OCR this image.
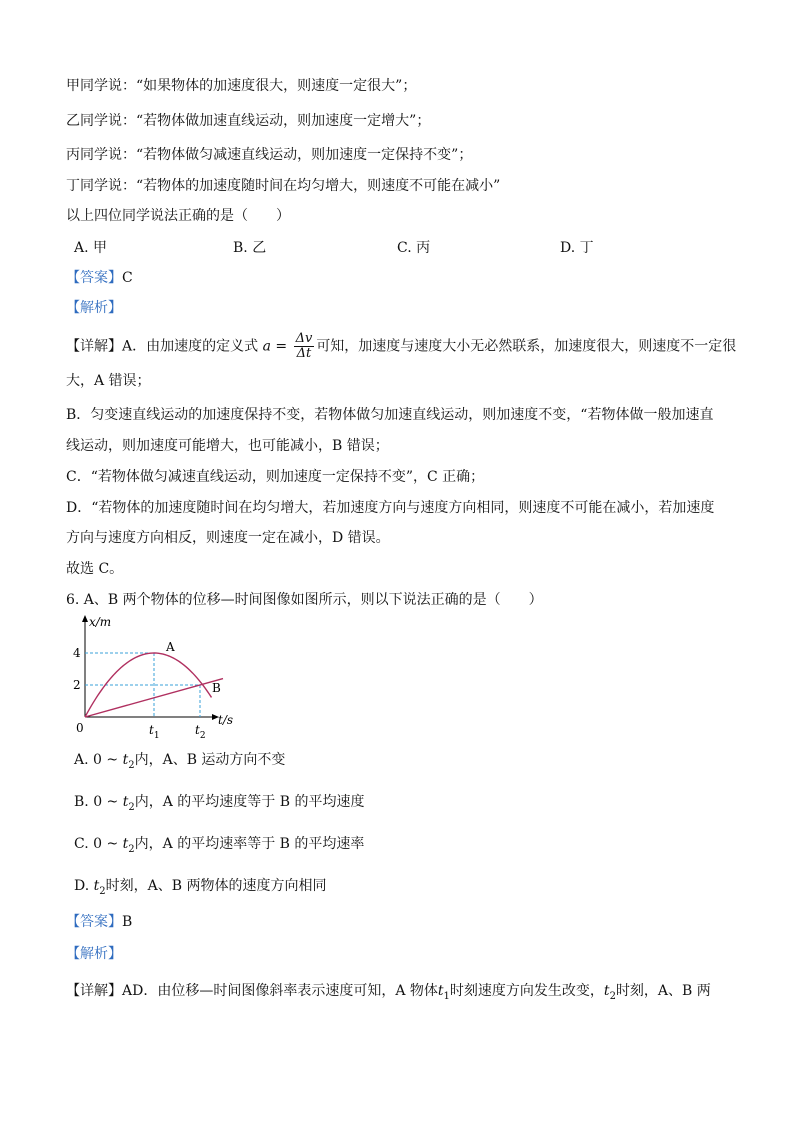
甲同学说：“如果物体的加速度很大，则速度一定很大”；
乙同学说：“若物体做加速直线运动，则加速度一定增大”；
丙同学说：“若物体做匀减速直线运动，则加速度一定保持不变”；
丁同学说：“若物体的加速度随时间在均匀增大，则速度不可能在减小”
以上四位同学说法正确的是（　　）
A. 甲	B. 乙	C. 丙	D. 丁
【答案】C
【解析】
【详解】A．由加速度的定义式 $a = \frac{\Delta v}{\Delta t}$ 可知，加速度与速度大小无必然联系，加速度很大，则速度不一定很
大，A 错误；
B．匀变速直线运动的加速度保持不变，若物体做匀加速直线运动，则加速度不变，“若物体做一般加速直
线运动，则加速度可能增大，也可能减小，B 错误；
C．“若物体做匀减速直线运动，则加速度一定保持不变”，C 正确；
D．“若物体的加速度随时间在均匀增大，若加速度方向与速度方向相同，则速度不可能在减小，若加速度
方向与速度方向相反，则速度一定在减小，D 错误。
故选 C。
6. A、B 两个物体的位移—时间图像如图所示，则以下说法正确的是（　　）
x/m
t/s
0
4
2
$t_1$	$t_2$
A
B
A. 0 ~ $t_2$内，A、B 运动方向不变
B. 0 ~ $t_2$内，A 的平均速度等于 B 的平均速度
C. 0 ~ $t_2$内，A 的平均速率等于 B 的平均速率
D. $t_2$时刻，A、B 两物体的速度方向相同
【答案】B
【解析】
【详解】AD．由位移—时间图像斜率表示速度可知，A 物体$t_1$时刻速度方向发生改变，$t_2$时刻，A、B 两
